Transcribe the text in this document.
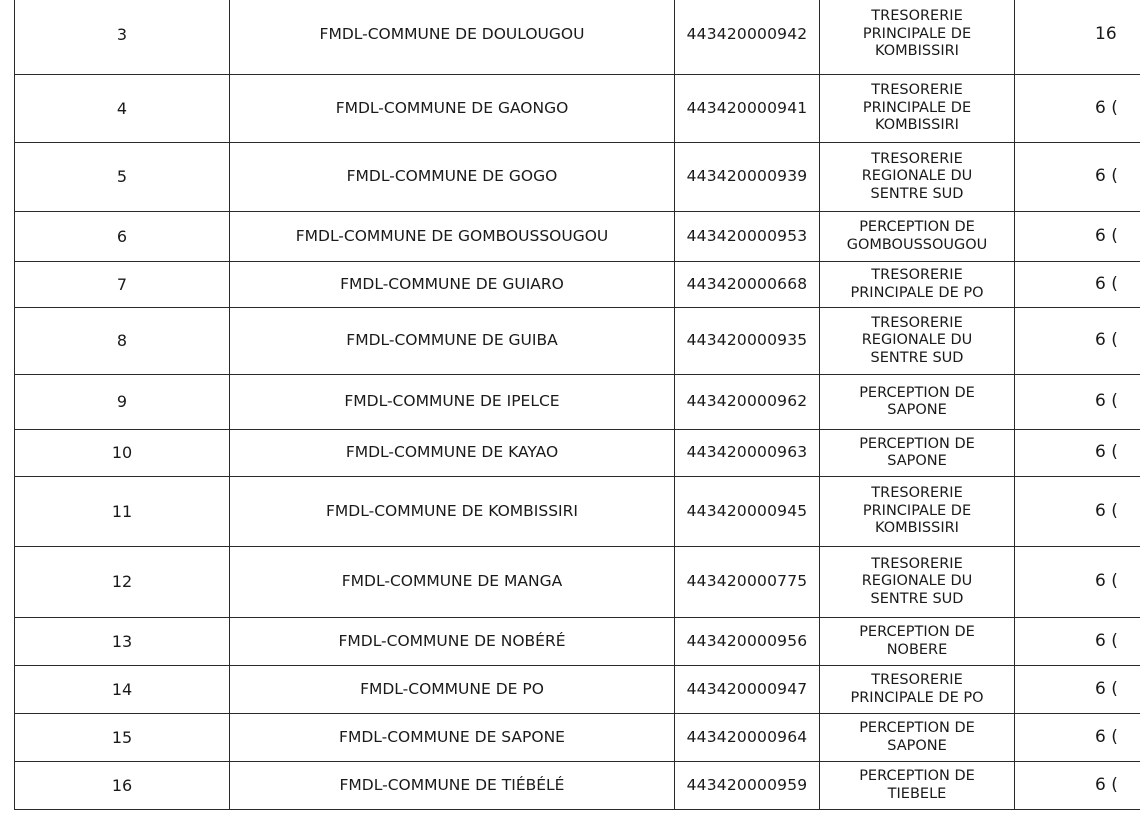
3	FMDL-COMMUNE DE DOULOUGOU	443420000942	TRESORERIE
PRINCIPALE DE
KOMBISSIRI	16
4	FMDL-COMMUNE DE GAONGO	443420000941	TRESORERIE
PRINCIPALE DE
KOMBISSIRI	6 (
5	FMDL-COMMUNE DE GOGO	443420000939	TRESORERIE
REGIONALE DU
SENTRE SUD	6 (
6	FMDL-COMMUNE DE GOMBOUSSOUGOU	443420000953	PERCEPTION DE
GOMBOUSSOUGOU	6 (
7	FMDL-COMMUNE DE GUIARO	443420000668	TRESORERIE
PRINCIPALE DE PO	6 (
8	FMDL-COMMUNE DE GUIBA	443420000935	TRESORERIE
REGIONALE DU
SENTRE SUD	6 (
9	FMDL-COMMUNE DE IPELCE	443420000962	PERCEPTION DE
SAPONE	6 (
10	FMDL-COMMUNE DE KAYAO	443420000963	PERCEPTION DE
SAPONE	6 (
11	FMDL-COMMUNE DE KOMBISSIRI	443420000945	TRESORERIE
PRINCIPALE DE
KOMBISSIRI	6 (
12	FMDL-COMMUNE DE MANGA	443420000775	TRESORERIE
REGIONALE DU
SENTRE SUD	6 (
13	FMDL-COMMUNE DE NOBÉRÉ	443420000956	PERCEPTION DE
NOBERE	6 (
14	FMDL-COMMUNE DE PO	443420000947	TRESORERIE
PRINCIPALE DE PO	6 (
15	FMDL-COMMUNE DE SAPONE	443420000964	PERCEPTION DE
SAPONE	6 (
16	FMDL-COMMUNE DE TIÉBÉLÉ	443420000959	PERCEPTION DE
TIEBELE	6 (
